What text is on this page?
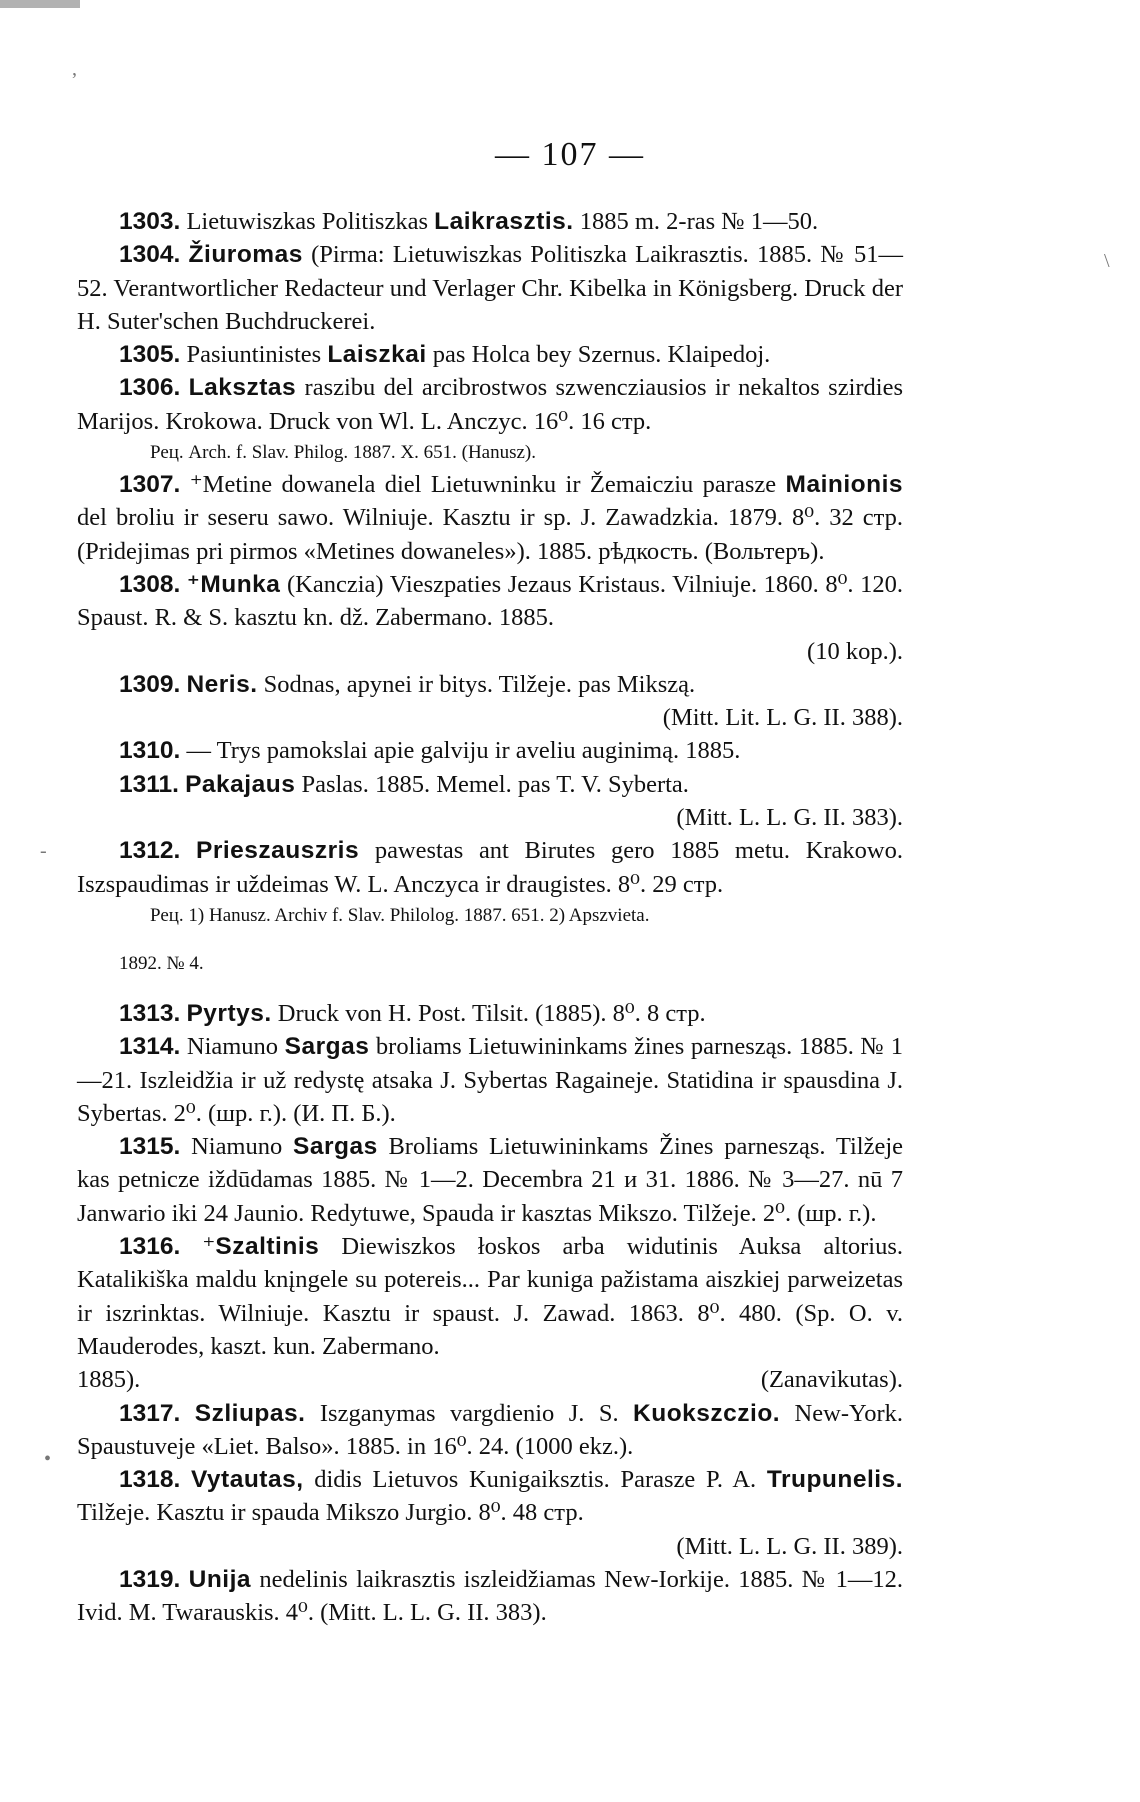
,
\
-
•
— 107 —

1303. Lietuwiszkas Politiszkas Laikrasztis. 1885 m. 2-ras № 1—50.

1304. Žiuromas (Pirma: Lietuwiszkas Politiszka Laikrasztis. 1885. № 51—52. Verantwortlicher Redacteur und Verlager Chr. Kibelka in Königsberg. Druck der H. Suter'schen Buchdruckerei.

1305. Pasiuntinistes Laiszkai pas Holca bey Szernus. Klaipedoj.

1306. Laksztas raszibu del arcibrostwos szwencziausios ir nekaltos szirdies Marijos. Krokowa. Druck von Wl. L. Anczyc. 16⁰. 16 стр.

Рец. Arch. f. Slav. Philog. 1887. X. 651. (Hanusz).

1307. ⁺Metine dowanela diel Lietuwninku ir Žemaicziu parasze Mainionis del broliu ir seseru sawo. Wilniuje. Kasztu ir sp. J. Zawadzkia. 1879. 8⁰. 32 стр. (Pridejimas pri pirmos «Metines dowaneles»). 1885. рѣдкость. (Вольтеръ).

1308. ⁺Munka (Kanczia) Vieszpaties Jezaus Kristaus. Vilniuje. 1860. 8⁰. 120. Spaust. R. & S. kasztu kn. dž. Zabermano. 1885.

(10 kop.).

1309. Neris. Sodnas, apynei ir bitys. Tilžeje. pas Mikszą.

(Mitt. Lit. L. G. II. 388).

1310. — Trys pamokslai apie galviju ir aveliu auginimą. 1885.

1311. Pakajaus Paslas. 1885. Memel. pas T. V. Syberta.

(Mitt. L. L. G. II. 383).

1312. Prieszauszris pawestas ant Birutes gero 1885 metu. Krakowo. Iszspaudimas ir uždeimas W. L. Anczyca ir draugistes. 8⁰. 29 стр.

Рец. 1) Hanusz. Archiv f. Slav. Philolog. 1887. 651. 2) Apszvieta.

1892. № 4.

1313. Pyrtys. Druck von H. Post. Tilsit. (1885). 8⁰. 8 стр.

1314. Niamuno Sargas broliams Lietuwininkams žines parnesząs. 1885. № 1—21. Iszleidžia ir už redystę atsaka J. Sybertas Ragaineje. Statidina ir spausdina J. Sybertas. 2⁰. (шр. г.). (И. П. Б.).

1315. Niamuno Sargas Broliams Lietuwininkams Žines parnesząs. Tilžeje kas petnicze iždūdamas 1885. № 1—2. Decembra 21 и 31. 1886. № 3—27. nū 7 Janwario iki 24 Jaunio. Redytuwe, Spauda ir kasztas Mikszo. Tilžeje. 2⁰. (шр. г.).

1316. ⁺Szaltinis Diewiszkos łoskos arba widutinis Auksa altorius. Katalikiška maldu knįngele su potereis... Par kuniga pažistama aiszkiej parweizetas ir iszrinktas. Wilniuje. Kasztu ir spaust. J. Zawad. 1863. 8⁰. 480. (Sp. O. v. Mauderodes, kaszt. kun. Zabermano.

1885).	(Zanavikutas).

1317. Szliupas. Iszganymas vargdienio J. S. Kuokszczio. New-York. Spaustuveje «Liet. Balso». 1885. in 16⁰. 24. (1000 ekz.).

1318. Vytautas, didis Lietuvos Kunigaiksztis. Parasze P. A. Trupunelis. Tilžeje. Kasztu ir spauda Mikszo Jurgio. 8⁰. 48 стр.

(Mitt. L. L. G. II. 389).

1319. Unija nedelinis laikrasztis iszleidžiamas New-Iorkije. 1885. № 1—12. Ivid. M. Twarauskis. 4⁰. (Mitt. L. L. G. II. 383).
